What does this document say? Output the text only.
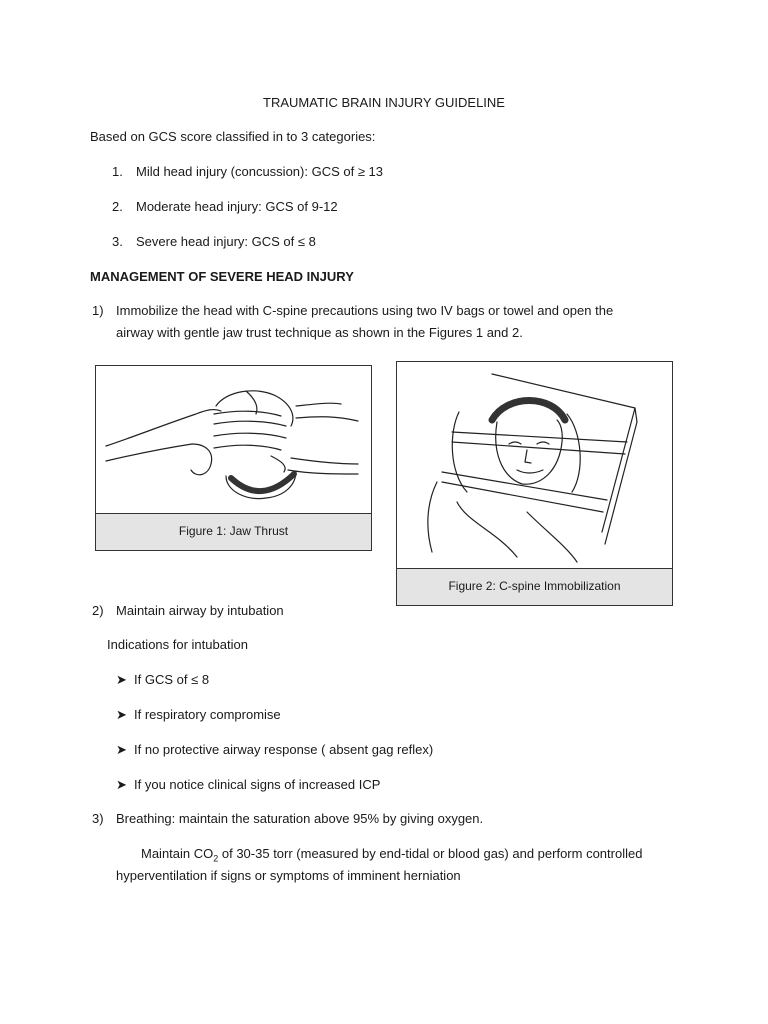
TRAUMATIC BRAIN INJURY GUIDELINE
Based on GCS score classified in to 3 categories:
1. Mild head injury (concussion): GCS of ≥ 13
2. Moderate head injury: GCS of 9-12
3. Severe head injury: GCS of ≤ 8
MANAGEMENT OF SEVERE HEAD INJURY
1) Immobilize the head with C-spine precautions using two IV bags or towel and open the
airway with gentle jaw trust technique as shown in the Figures 1 and 2.
Figure 1: Jaw Thrust
Figure 2: C-spine Immobilization
2) Maintain airway by intubation
Indications for intubation
➤ If GCS of ≤ 8
➤ If respiratory compromise
➤ If no protective airway response ( absent gag reflex)
➤ If you notice clinical signs of increased ICP
3) Breathing: maintain the saturation above 95% by giving oxygen.
Maintain $CO_2$ of 30-35 torr (measured by end-tidal or blood gas) and perform controlled
hyperventilation if signs or symptoms of imminent herniation
